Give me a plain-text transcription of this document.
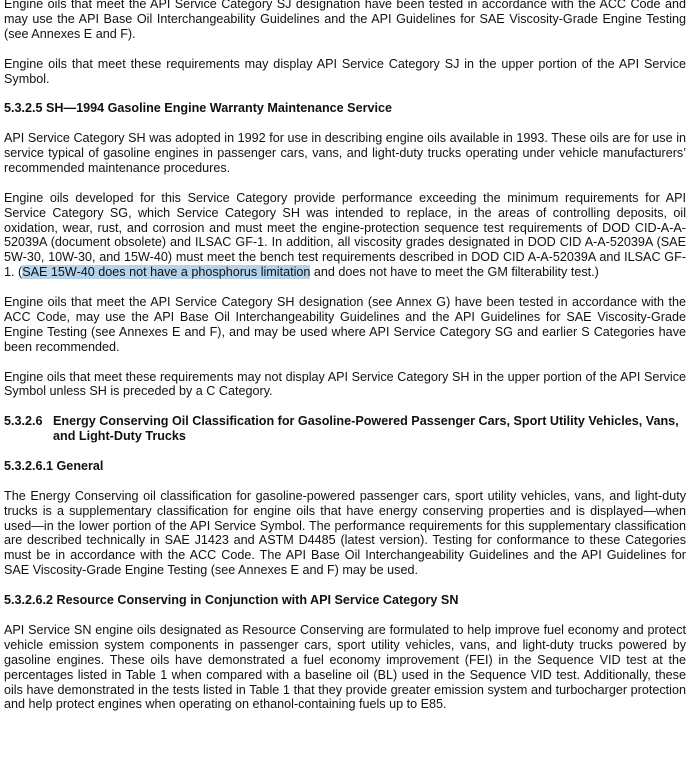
Engine oils that meet the API Service Category SJ designation have been tested in accordance with the ACC Code and may use the API Base Oil Interchangeability Guidelines and the API Guidelines for SAE Viscosity-Grade Engine Testing (see Annexes E and F).

Engine oils that meet these requirements may display API Service Category SJ in the upper portion of the API Service Symbol.

5.3.2.5 SH—1994 Gasoline Engine Warranty Maintenance Service

API Service Category SH was adopted in 1992 for use in describing engine oils available in 1993. These oils are for use in service typical of gasoline engines in passenger cars, vans, and light-duty trucks operating under vehicle manufacturers’ recommended maintenance procedures.

Engine oils developed for this Service Category provide performance exceeding the minimum requirements for API Service Category SG, which Service Category SH was intended to replace, in the areas of controlling deposits, oil oxidation, wear, rust, and corrosion and must meet the engine-protection sequence test requirements of DOD CID-A-A-52039A (document obsolete) and ILSAC GF-1. In addition, all viscosity grades designated in DOD CID A-A-52039A (SAE 5W-30, 10W-30, and 15W-40) must meet the bench test requirements described in DOD CID A-A-52039A and ILSAC GF-1. (SAE 15W-40 does not have a phosphorus limitation and does not have to meet the GM filterability test.)

Engine oils that meet the API Service Category SH designation (see Annex G) have been tested in accordance with the ACC Code, may use the API Base Oil Interchangeability Guidelines and the API Guidelines for SAE Viscosity-Grade Engine Testing (see Annexes E and F), and may be used where API Service Category SG and earlier S Categories have been recommended.

Engine oils that meet these requirements may not display API Service Category SH in the upper portion of the API Service Symbol unless SH is preceded by a C Category.

5.3.2.6 Energy Conserving Oil Classification for Gasoline-Powered Passenger Cars, Sport Utility Vehicles, Vans, and Light-Duty Trucks

5.3.2.6.1 General

The Energy Conserving oil classification for gasoline-powered passenger cars, sport utility vehicles, vans, and light-duty trucks is a supplementary classification for engine oils that have energy conserving properties and is displayed—when used—in the lower portion of the API Service Symbol. The performance requirements for this supplementary classification are described technically in SAE J1423 and ASTM D4485 (latest version). Testing for conformance to these Categories must be in accordance with the ACC Code. The API Base Oil Interchangeability Guidelines and the API Guidelines for SAE Viscosity-Grade Engine Testing (see Annexes E and F) may be used.

5.3.2.6.2 Resource Conserving in Conjunction with API Service Category SN

API Service SN engine oils designated as Resource Conserving are formulated to help improve fuel economy and protect vehicle emission system components in passenger cars, sport utility vehicles, vans, and light-duty trucks powered by gasoline engines. These oils have demonstrated a fuel economy improvement (FEI) in the Sequence VID test at the percentages listed in Table 1 when compared with a baseline oil (BL) used in the Sequence VID test. Additionally, these oils have demonstrated in the tests listed in Table 1 that they provide greater emission system and turbocharger protection and help protect engines when operating on ethanol-containing fuels up to E85.
